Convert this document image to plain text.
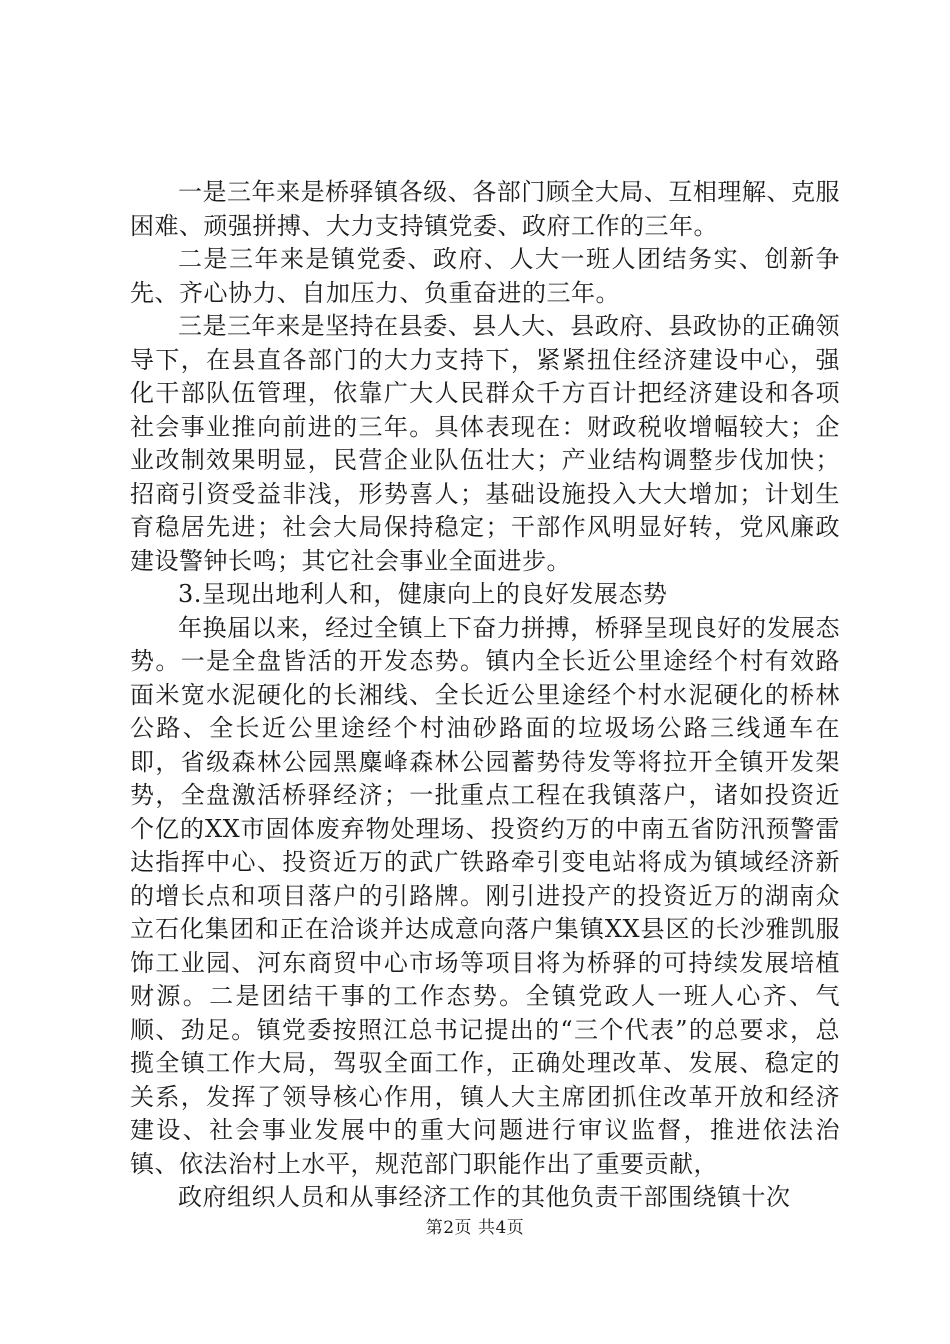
一是三年来是桥驿镇各级、各部门顾全大局、互相理解、克服困难、顽强拼搏、大力支持镇党委、政府工作的三年。

二是三年来是镇党委、政府、人大一班人团结务实、创新争先、齐心协力、自加压力、负重奋进的三年。

三是三年来是坚持在县委、县人大、县政府、县政协的正确领导下，在县直各部门的大力支持下，紧紧扭住经济建设中心，强化干部队伍管理，依靠广大人民群众千方百计把经济建设和各项社会事业推向前进的三年。具体表现在：财政税收增幅较大；企业改制效果明显，民营企业队伍壮大；产业结构调整步伐加快；招商引资受益非浅，形势喜人；基础设施投入大大增加；计划生育稳居先进；社会大局保持稳定；干部作风明显好转，党风廉政建设警钟长鸣；其它社会事业全面进步。

3.呈现出地利人和，健康向上的良好发展态势

年换届以来，经过全镇上下奋力拼搏，桥驿呈现良好的发展态势。一是全盘皆活的开发态势。镇内全长近公里途经个村有效路面米宽水泥硬化的长湘线、全长近公里途经个村水泥硬化的桥林公路、全长近公里途经个村油砂路面的垃圾场公路三线通车在即，省级森林公园黑麋峰森林公园蓄势待发等将拉开全镇开发架势，全盘激活桥驿经济；一批重点工程在我镇落户，诸如投资近个亿的XX市固体废弃物处理场、投资约万的中南五省防汛预警雷达指挥中心、投资近万的武广铁路牵引变电站将成为镇域经济新的增长点和项目落户的引路牌。刚引进投产的投资近万的湖南众立石化集团和正在洽谈并达成意向落户集镇XX县区的长沙雅凯服饰工业园、河东商贸中心市场等项目将为桥驿的可持续发展培植财源。二是团结干事的工作态势。全镇党政人一班人心齐、气顺、劲足。镇党委按照江总书记提出的“三个代表”的总要求，总揽全镇工作大局，驾驭全面工作，正确处理改革、发展、稳定的关系，发挥了领导核心作用，镇人大主席团抓住改革开放和经济建设、社会事业发展中的重大问题进行审议监督，推进依法治镇、依法治村上水平，规范部门职能作出了重要贡献，

政府组织人员和从事经济工作的其他负责干部围绕镇十次

第2页 共4页
